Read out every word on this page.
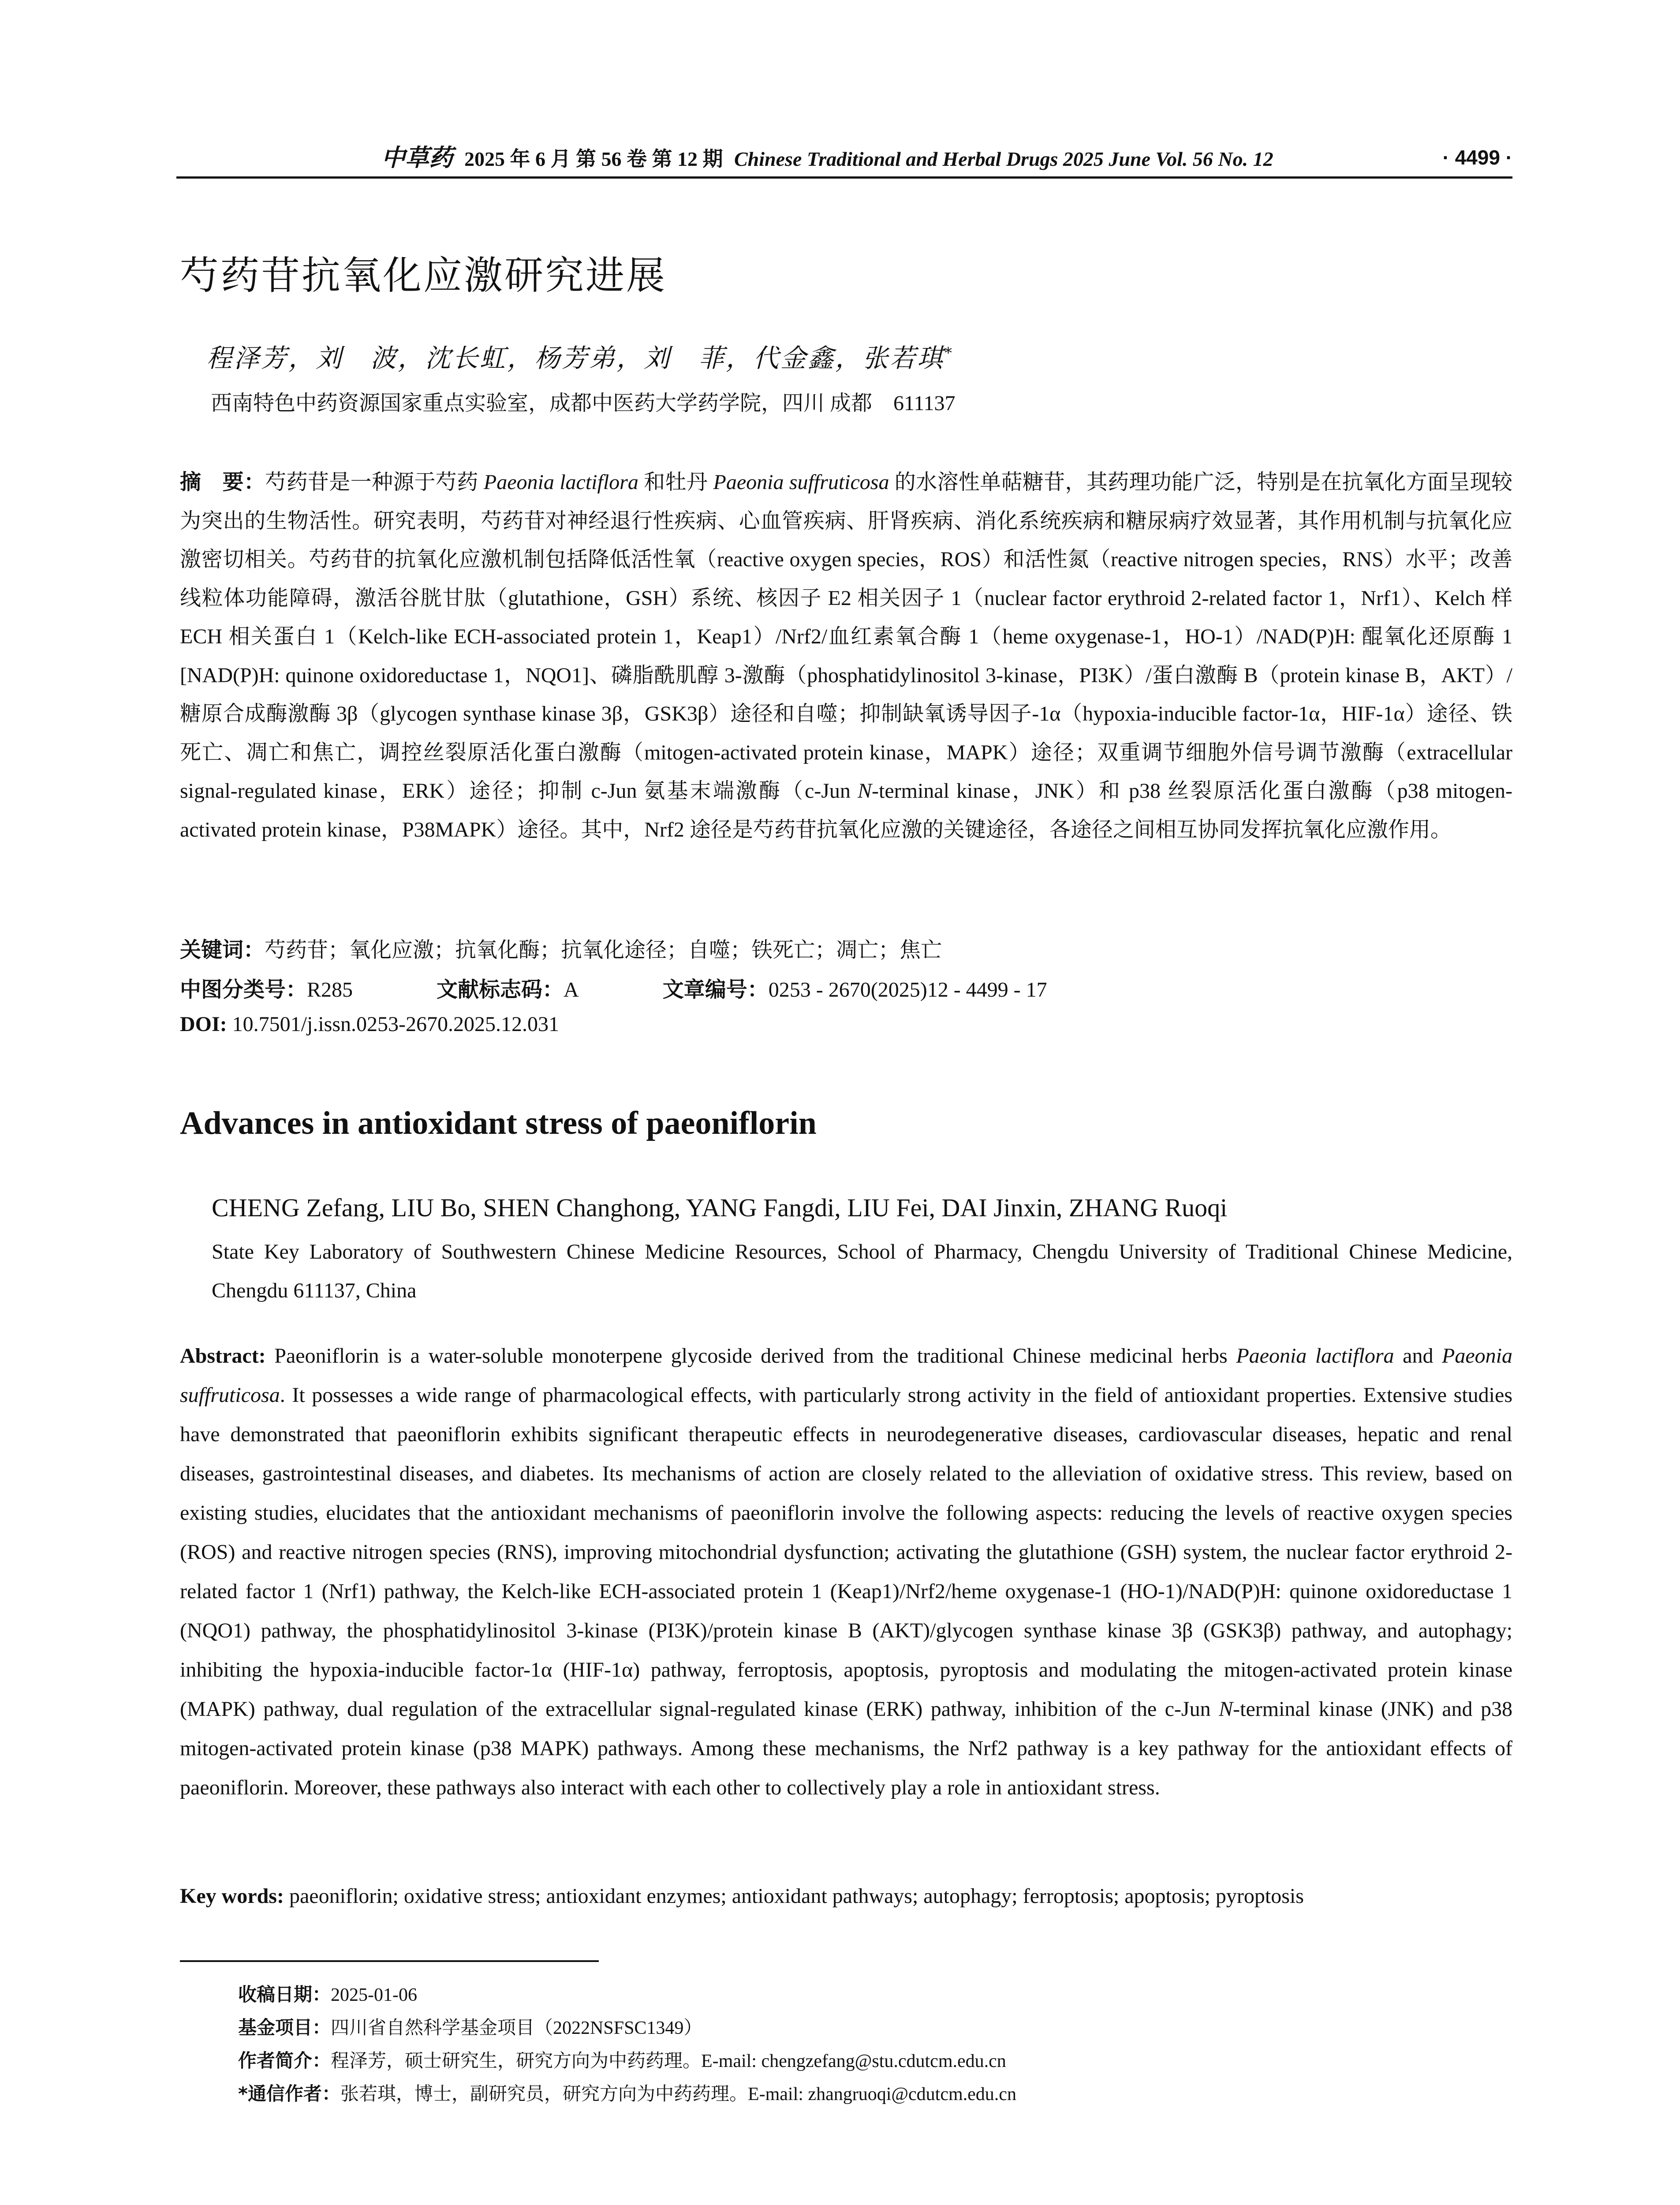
中草药 2025 年 6 月 第 56 卷 第 12 期 Chinese Traditional and Herbal Drugs 2025 June Vol. 56 No. 12	· 4499 ·
芍药苷抗氧化应激研究进展
程泽芳，刘　波，沈长虹，杨芳弟，刘　菲，代金鑫，张若琪*
西南特色中药资源国家重点实验室，成都中医药大学药学院，四川 成都　611137
摘　要：芍药苷是一种源于芍药 Paeonia lactiflora 和牡丹 Paeonia suffruticosa 的水溶性单萜糖苷，其药理功能广泛，特别是在抗氧化方面呈现较为突出的生物活性。研究表明，芍药苷对神经退行性疾病、心血管疾病、肝肾疾病、消化系统疾病和糖尿病疗效显著，其作用机制与抗氧化应激密切相关。芍药苷的抗氧化应激机制包括降低活性氧（reactive oxygen species，ROS）和活性氮（reactive nitrogen species，RNS）水平；改善线粒体功能障碍，激活谷胱甘肽（glutathione，GSH）系统、核因子 E2 相关因子 1（nuclear factor erythroid 2-related factor 1，Nrf1）、Kelch 样 ECH 相关蛋白 1（Kelch-like ECH-associated protein 1，Keap1）/Nrf2/血红素氧合酶 1（heme oxygenase-1，HO-1）/NAD(P)H: 醌氧化还原酶 1 [NAD(P)H: quinone oxidoreductase 1，NQO1]、磷脂酰肌醇 3-激酶（phosphatidylinositol 3-kinase，PI3K）/蛋白激酶 B（protein kinase B，AKT）/糖原合成酶激酶 3β（glycogen synthase kinase 3β，GSK3β）途径和自噬；抑制缺氧诱导因子-1α（hypoxia-inducible factor-1α，HIF-1α）途径、铁死亡、凋亡和焦亡，调控丝裂原活化蛋白激酶（mitogen-activated protein kinase，MAPK）途径；双重调节细胞外信号调节激酶（extracellular signal-regulated kinase，ERK）途径；抑制 c-Jun 氨基末端激酶（c-Jun N-terminal kinase，JNK）和 p38 丝裂原活化蛋白激酶（p38 mitogen-activated protein kinase，P38MAPK）途径。其中，Nrf2 途径是芍药苷抗氧化应激的关键途径，各途径之间相互协同发挥抗氧化应激作用。
关键词：芍药苷；氧化应激；抗氧化酶；抗氧化途径；自噬；铁死亡；凋亡；焦亡
中图分类号：R285	文献标志码：A	文章编号：0253 - 2670(2025)12 - 4499 - 17
DOI: 10.7501/j.issn.0253-2670.2025.12.031
Advances in antioxidant stress of paeoniflorin
CHENG Zefang, LIU Bo, SHEN Changhong, YANG Fangdi, LIU Fei, DAI Jinxin, ZHANG Ruoqi
State Key Laboratory of Southwestern Chinese Medicine Resources, School of Pharmacy, Chengdu University of Traditional Chinese Medicine, Chengdu 611137, China
Abstract: Paeoniflorin is a water-soluble monoterpene glycoside derived from the traditional Chinese medicinal herbs Paeonia lactiflora and Paeonia suffruticosa. It possesses a wide range of pharmacological effects, with particularly strong activity in the field of antioxidant properties. Extensive studies have demonstrated that paeoniflorin exhibits significant therapeutic effects in neurodegenerative diseases, cardiovascular diseases, hepatic and renal diseases, gastrointestinal diseases, and diabetes. Its mechanisms of action are closely related to the alleviation of oxidative stress. This review, based on existing studies, elucidates that the antioxidant mechanisms of paeoniflorin involve the following aspects: reducing the levels of reactive oxygen species (ROS) and reactive nitrogen species (RNS), improving mitochondrial dysfunction; activating the glutathione (GSH) system, the nuclear factor erythroid 2-related factor 1 (Nrf1) pathway, the Kelch-like ECH-associated protein 1 (Keap1)/Nrf2/heme oxygenase-1 (HO-1)/NAD(P)H: quinone oxidoreductase 1 (NQO1) pathway, the phosphatidylinositol 3-kinase (PI3K)/protein kinase B (AKT)/glycogen synthase kinase 3β (GSK3β) pathway, and autophagy; inhibiting the hypoxia-inducible factor-1α (HIF-1α) pathway, ferroptosis, apoptosis, pyroptosis and modulating the mitogen-activated protein kinase (MAPK) pathway, dual regulation of the extracellular signal-regulated kinase (ERK) pathway, inhibition of the c-Jun N-terminal kinase (JNK) and p38 mitogen-activated protein kinase (p38 MAPK) pathways. Among these mechanisms, the Nrf2 pathway is a key pathway for the antioxidant effects of paeoniflorin. Moreover, these pathways also interact with each other to collectively play a role in antioxidant stress.
Key words: paeoniflorin; oxidative stress; antioxidant enzymes; antioxidant pathways; autophagy; ferroptosis; apoptosis; pyroptosis
收稿日期：2025-01-06
基金项目：四川省自然科学基金项目（2022NSFSC1349）
作者简介：程泽芳，硕士研究生，研究方向为中药药理。E-mail: chengzefang@stu.cdutcm.edu.cn
*通信作者：张若琪，博士，副研究员，研究方向为中药药理。E-mail: zhangruoqi@cdutcm.edu.cn
